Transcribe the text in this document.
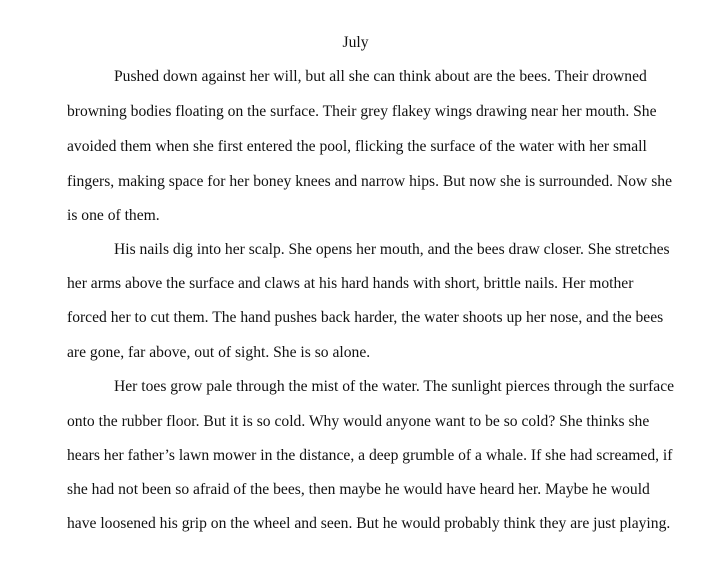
July
Pushed down against her will, but all she can think about are the bees. Their drowned
browning bodies floating on the surface. Their grey flakey wings drawing near her mouth. She
avoided them when she first entered the pool, flicking the surface of the water with her small
fingers, making space for her boney knees and narrow hips. But now she is surrounded. Now she
is one of them.
His nails dig into her scalp. She opens her mouth, and the bees draw closer. She stretches
her arms above the surface and claws at his hard hands with short, brittle nails. Her mother
forced her to cut them. The hand pushes back harder, the water shoots up her nose, and the bees
are gone, far above, out of sight. She is so alone.
Her toes grow pale through the mist of the water. The sunlight pierces through the surface
onto the rubber floor. But it is so cold. Why would anyone want to be so cold? She thinks she
hears her father’s lawn mower in the distance, a deep grumble of a whale. If she had screamed, if
she had not been so afraid of the bees, then maybe he would have heard her. Maybe he would
have loosened his grip on the wheel and seen. But he would probably think they are just playing.
